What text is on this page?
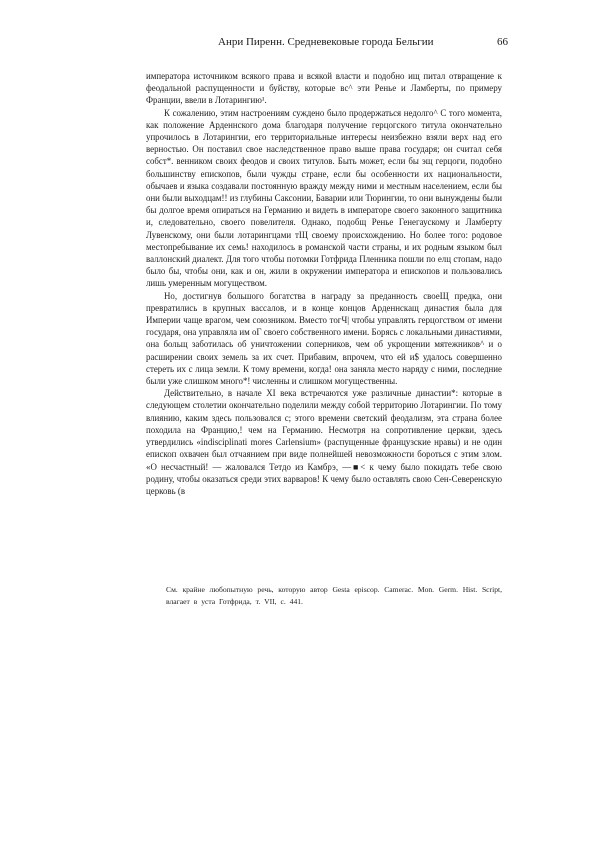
Анри Пиренн. Средневековые города Бельгии	66

императора источником всякого права и всякой власти и подобно ищ питал отвращение к феодальной распущенности и буйству, которые вс^ эти Ренье и Ламберты, по примеру Франции, ввели в Лотарингию¹.

К сожалению, этим настроениям суждено было продержаться недолго^ С того момента, как положение Арденнского дома благодаря получение герцогского титула окончательно упрочилось в Лотарингии, его территориальные интересы неизбежно взяли верх над его верностью. Он поставил свое наследственное право выше права государя; он считал себя собст*. венником своих феодов и своих титулов. Быть может, если бы эщ герцоги, подобно большинству епископов, были чужды стране, если бы особенности их национальности, обычаев и языка создавали постоянную вражду между ними и местным населением, если бы они были выходцам!! из глубины Саксонии, Баварии или Тюрингии, то они вынуждены были бы долгое время опираться на Германию и видеть в императоре своего законного защитника и, следовательно, своего повелителя. Однако, подобщ Ренье Генегаускому и Ламберту Лувенскому, они были лотарингцами тЩ своему происхождению. Но более того: родовое местопребывание их семь! находилось в романской части страны, и их родным языком был валлонский диалект. Для того чтобы потомки Готфрида Пленника пошли по елц стопам, надо было бы, чтобы они, как и он, жили в окружении императора и епископов и пользовались лишь умеренным могуществом.

Но, достигнув большого богатства в награду за преданность своеЩ предка, они превратились в крупных вассалов, и в конце концов Арденнскащ династия была для Империи чаще врагом, чем союзником. Вместо тогЧ| чтобы управлять герцогством от имени государя, она управляла им оГ своего собственного имени. Борясь с локальными династиями, она больщ заботилась об уничтожении соперников, чем об укрощении мятежников^ и о расширении своих земель за их счет. Прибавим, впрочем, что ей и$ удалось совершенно стереть их с лица земли. К тому времени, когда! она заняла место наряду с ними, последние были уже слишком много*! численны и слишком могущественны.

Действительно, в начале XI века встречаются уже различные династии*: которые в следующем столетии окончательно поделили между собой территорию Лотарингии. По тому влиянию, каким здесь пользовался с; этого времени светский феодализм, эта страна более походила на Францию,! чем на Германию. Несмотря на сопротивление церкви, здесь утвердились «indisciplinati mores Carlensium» (распущенные французские нравы) и не один епископ охвачен был отчаянием при виде полнейшей невозможности бороться с этим злом. «О несчастный! — жаловался Тетдо из Камбрэ, —■< к чему было покидать тебе свою родину, чтобы оказаться среди этих варваров! К чему было оставлять свою Сен-Северенскую церковь (в

См. крайне любопытную речь, которую автор Gesta episcop. Camerac. Mon. Germ. Hist. Script, влагает в уста Готфрида, т. VII, с. 441.
